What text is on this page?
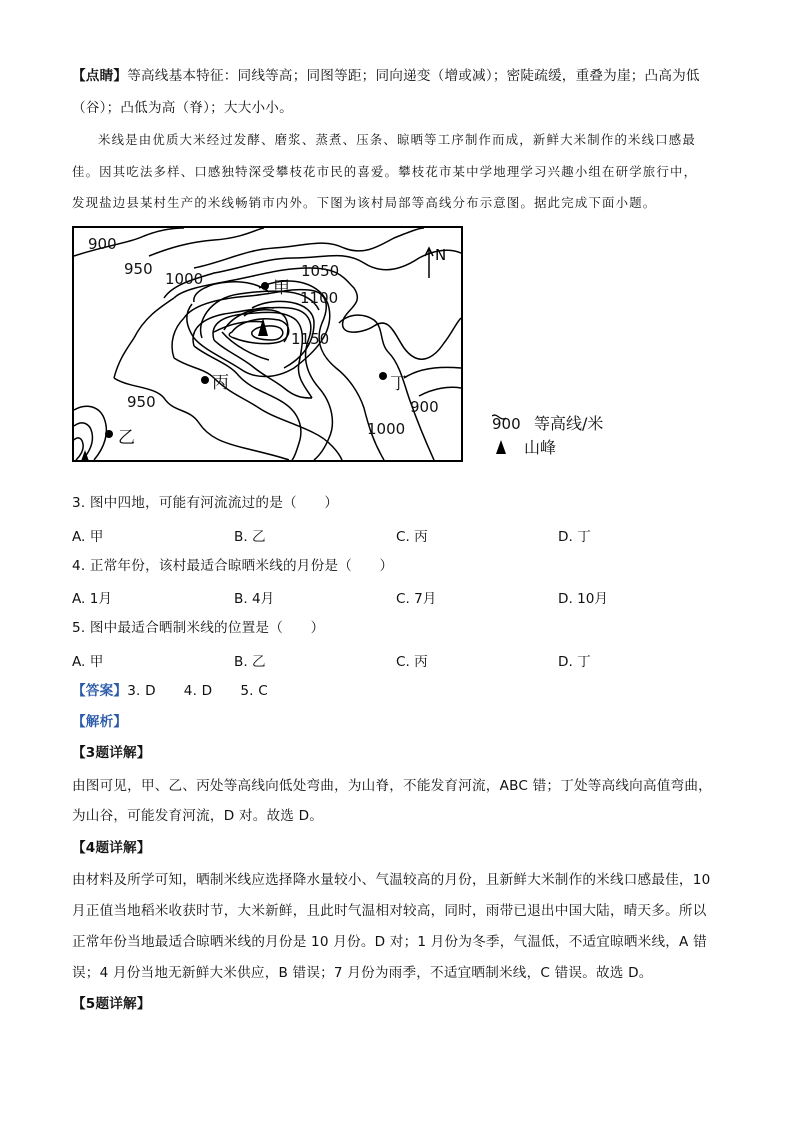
【点睛】等高线基本特征：同线等高；同图等距；同向递变（增或减）；密陡疏缓，重叠为崖；凸高为低
（谷）；凸低为高（脊）；大大小小。
米线是由优质大米经过发酵、磨浆、蒸煮、压条、晾晒等工序制作而成，新鲜大米制作的米线口感最
佳。因其吃法多样、口感独特深受攀枝花市民的喜爱。攀枝花市某中学地理学习兴趣小组在研学旅行中，
发现盐边县某村生产的米线畅销市内外。下图为该村局部等高线分布示意图。据此完成下面小题。
900
950
1000	1050
1100
1150
950	900
1000
甲
丙	丁
乙
N
900 等高线/米
山峰
3. 图中四地，可能有河流流过的是（　　）
A. 甲	B. 乙	C. 丙	D. 丁
4. 正常年份，该村最适合晾晒米线的月份是（　　）
A. 1月	B. 4月	C. 7月	D. 10月
5. 图中最适合晒制米线的位置是（　　）
A. 甲	B. 乙	C. 丙	D. 丁
【答案】3. D 4. D 5. C
【解析】
【3题详解】
由图可见，甲、乙、丙处等高线向低处弯曲，为山脊，不能发育河流，ABC 错；丁处等高线向高值弯曲，
为山谷，可能发育河流，D 对。故选 D。
【4题详解】
由材料及所学可知，晒制米线应选择降水量较小、气温较高的月份，且新鲜大米制作的米线口感最佳，10
月正值当地稻米收获时节，大米新鲜，且此时气温相对较高，同时，雨带已退出中国大陆，晴天多。所以
正常年份当地最适合晾晒米线的月份是 10 月份。D 对；1 月份为冬季，气温低，不适宜晾晒米线，A 错
误；4 月份当地无新鲜大米供应，B 错误；7 月份为雨季，不适宜晒制米线，C 错误。故选 D。
【5题详解】
